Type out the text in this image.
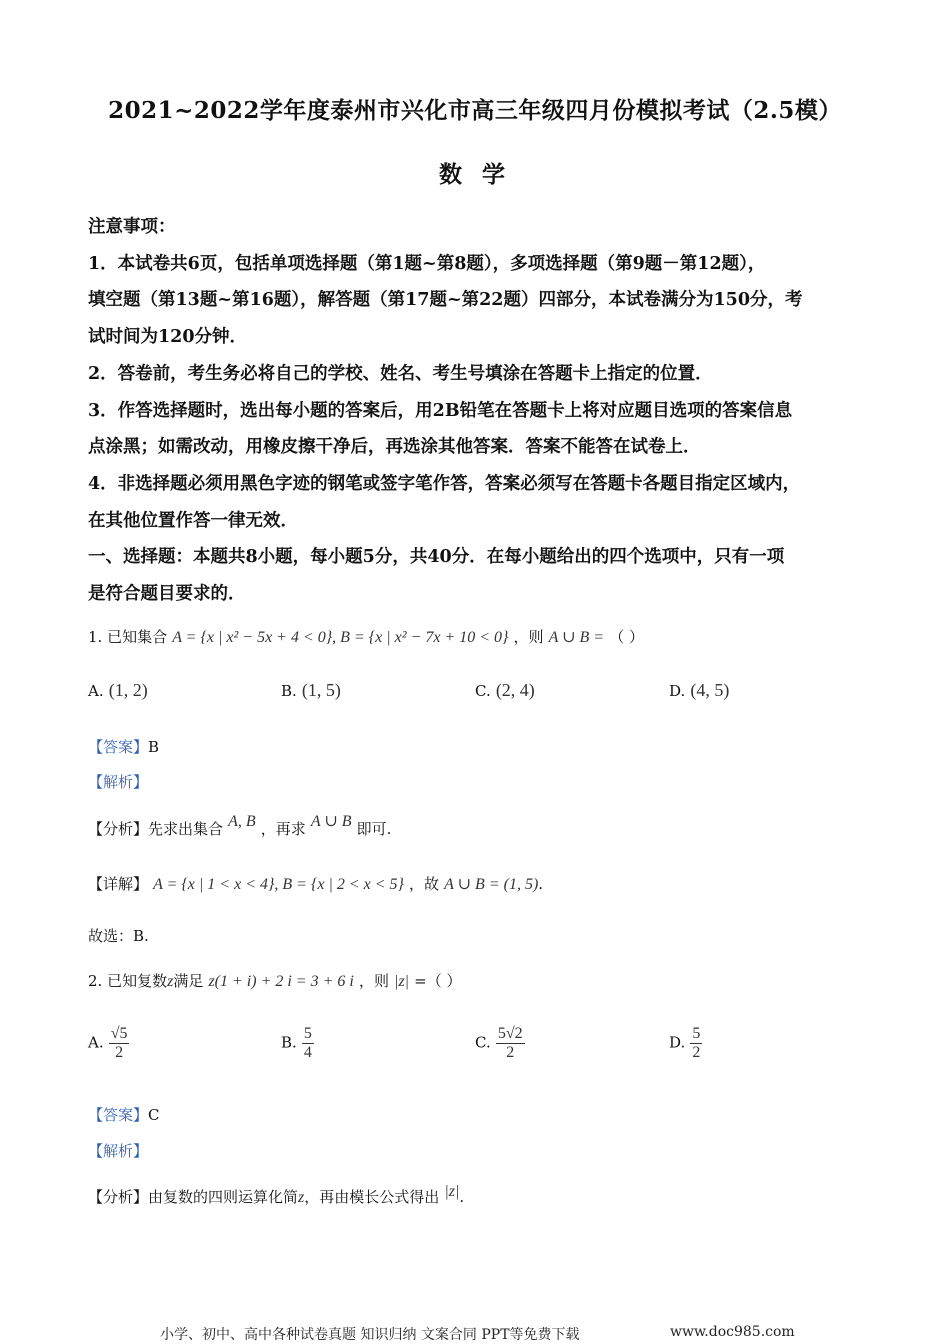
2021~2022学年度泰州市兴化市高三年级四月份模拟考试（2.5模）
数 学
注意事项：
1．本试卷共6页，包括单项选择题（第1题~第8题），多项选择题（第9题－第12题），
填空题（第13题~第16题），解答题（第17题~第22题）四部分，本试卷满分为150分，考
试时间为120分钟．
2．答卷前，考生务必将自己的学校、姓名、考生号填涂在答题卡上指定的位置．
3．作答选择题时，选出每小题的答案后，用2B铅笔在答题卡上将对应题目选项的答案信息
点涂黑；如需改动，用橡皮擦干净后，再选涂其他答案．答案不能答在试卷上．
4．非选择题必须用黑色字迹的钢笔或签字笔作答，答案必须写在答题卡各题目指定区域内，
在其他位置作答一律无效．
一、选择题：本题共8小题，每小题5分，共40分．在每小题给出的四个选项中，只有一项
是符合题目要求的．
1. 已知集合 A = {x | x² − 5x + 4 < 0}, B = {x | x² − 7x + 10 < 0} ，则 A ∪ B = （ ）
A. (1, 2)	B. (1, 5)	C. (2, 4)	D. (4, 5)
【答案】B
【解析】
【分析】先求出集合 A, B ，再求 A ∪ B 即可.
【详解】 A = {x | 1 < x < 4}, B = {x | 2 < x < 5} ，故 A ∪ B = (1, 5).
故选：B.
2. 已知复数z满足 z(1 + i) + 2 i = 3 + 6 i ，则 |z| =（ ）
A. $\frac{√5}{2}$	B. $\frac{5}{4}$	C. $\frac{5√2}{2}$	D. $\frac{5}{2}$
【答案】C
【解析】
【分析】由复数的四则运算化简z，再由模长公式得出 |z|.
小学、初中、高中各种试卷真题 知识归纳 文案合同 PPT等免费下载	www.doc985.com
